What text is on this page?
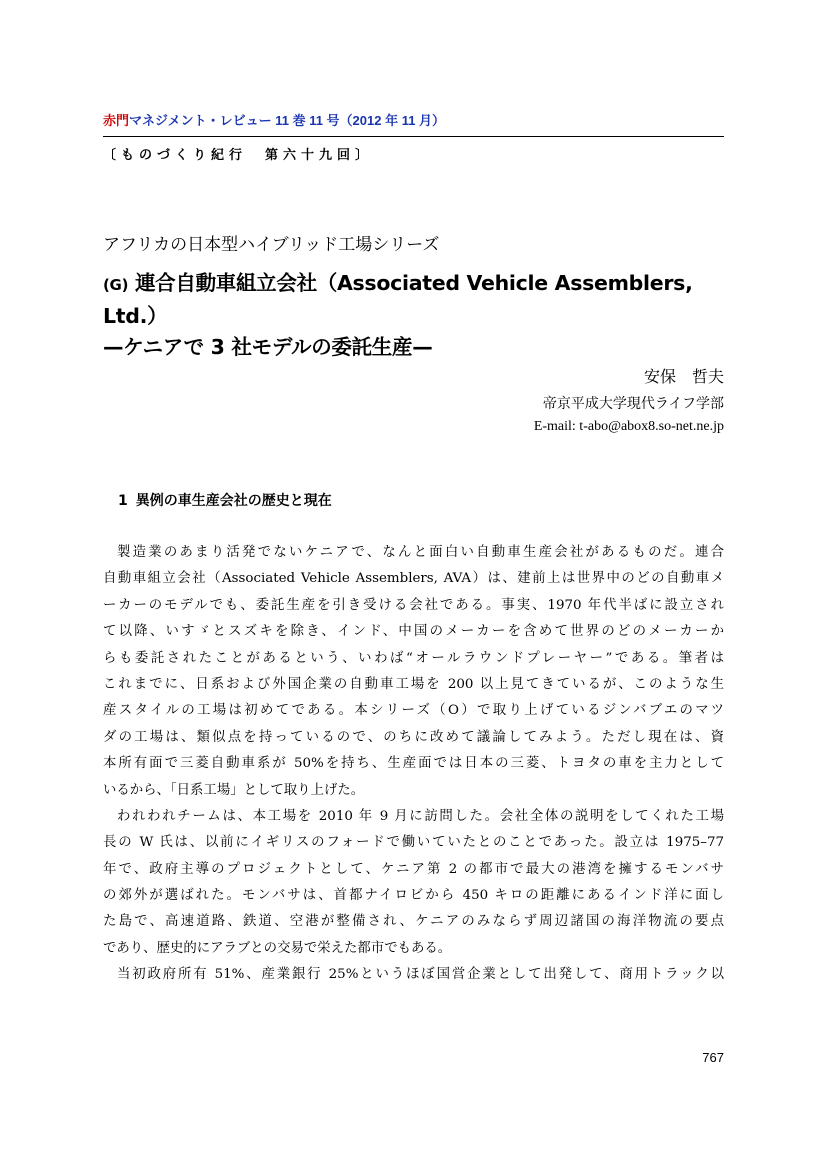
赤門マネジメント・レビュー 11 巻 11 号（2012 年 11 月）
〔ものづくり紀行　第六十九回〕
アフリカの日本型ハイブリッド工場シリーズ
(G) 連合自動車組立会社（Associated Vehicle Assemblers, Ltd.）
—ケニアで 3 社モデルの委託生産—
安保　哲夫
帝京平成大学現代ライフ学部
E-mail: t-abo@abox8.so-net.ne.jp
1 異例の車生産会社の歴史と現在
製造業のあまり活発でないケニアで、なんと面白い自動車生産会社があるものだ。連合
自動車組立会社（Associated Vehicle Assemblers, AVA）は、建前上は世界中のどの自動車メ
ーカーのモデルでも、委託生産を引き受ける会社である。事実、1970 年代半ばに設立され
て以降、いすゞとスズキを除き、インド、中国のメーカーを含めて世界のどのメーカーか
らも委託されたことがあるという、いわば“オールラウンドプレーヤー”である。筆者は
これまでに、日系および外国企業の自動車工場を 200 以上見てきているが、このような生
産スタイルの工場は初めてである。本シリーズ（O）で取り上げているジンバブエのマツ
ダの工場は、類似点を持っているので、のちに改めて議論してみよう。ただし現在は、資
本所有面で三菱自動車系が 50%を持ち、生産面では日本の三菱、トヨタの車を主力として
いるから、「日系工場」として取り上げた。
われわれチームは、本工場を 2010 年 9 月に訪問した。会社全体の説明をしてくれた工場
長の W 氏は、以前にイギリスのフォードで働いていたとのことであった。設立は 1975–77
年で、政府主導のプロジェクトとして、ケニア第 2 の都市で最大の港湾を擁するモンバサ
の郊外が選ばれた。モンバサは、首都ナイロビから 450 キロの距離にあるインド洋に面し
た島で、高速道路、鉄道、空港が整備され、ケニアのみならず周辺諸国の海洋物流の要点
であり、歴史的にアラブとの交易で栄えた都市でもある。
当初政府所有 51%、産業銀行 25%というほぼ国営企業として出発して、商用トラック以
767
